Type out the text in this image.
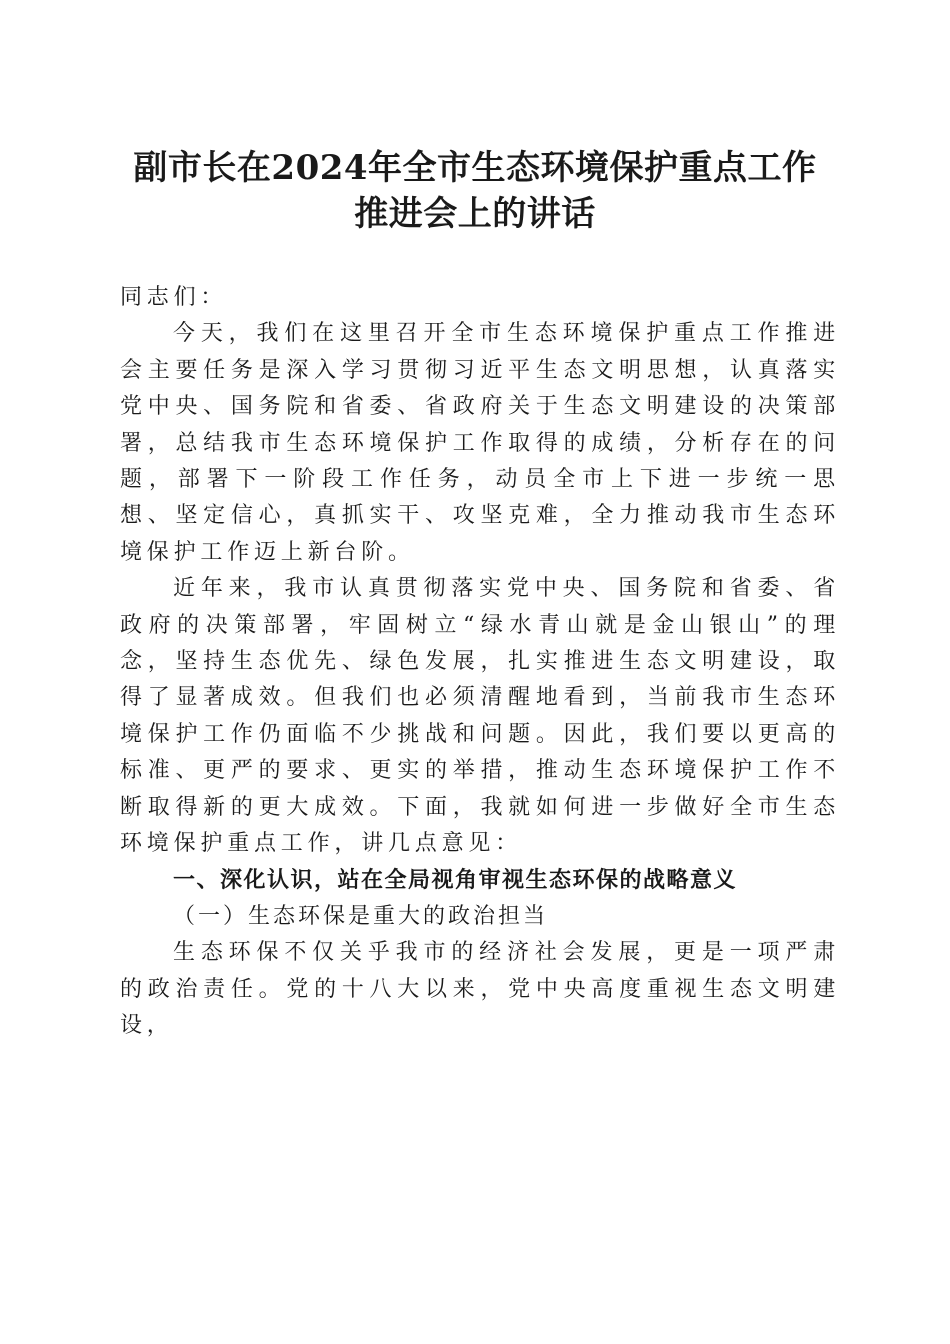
副市长在2024年全市生态环境保护重点工作
推进会上的讲话

同志们：

今天，我们在这里召开全市生态环境保护重点工作推进会主要任务是深入学习贯彻习近平生态文明思想，认真落实党中央、国务院和省委、省政府关于生态文明建设的决策部署，总结我市生态环境保护工作取得的成绩，分析存在的问题，部署下一阶段工作任务，动员全市上下进一步统一思想、坚定信心，真抓实干、攻坚克难，全力推动我市生态环境保护工作迈上新台阶。

近年来，我市认真贯彻落实党中央、国务院和省委、省政府的决策部署，牢固树立“绿水青山就是金山银山”的理念，坚持生态优先、绿色发展，扎实推进生态文明建设，取得了显著成效。但我们也必须清醒地看到，当前我市生态环境保护工作仍面临不少挑战和问题。因此，我们要以更高的标准、更严的要求、更实的举措，推动生态环境保护工作不断取得新的更大成效。下面，我就如何进一步做好全市生态环境保护重点工作，讲几点意见：

一、深化认识，站在全局视角审视生态环保的战略意义

（一）生态环保是重大的政治担当

生态环保不仅关乎我市的经济社会发展，更是一项严肃的政治责任。党的十八大以来，党中央高度重视生态文明建设，
